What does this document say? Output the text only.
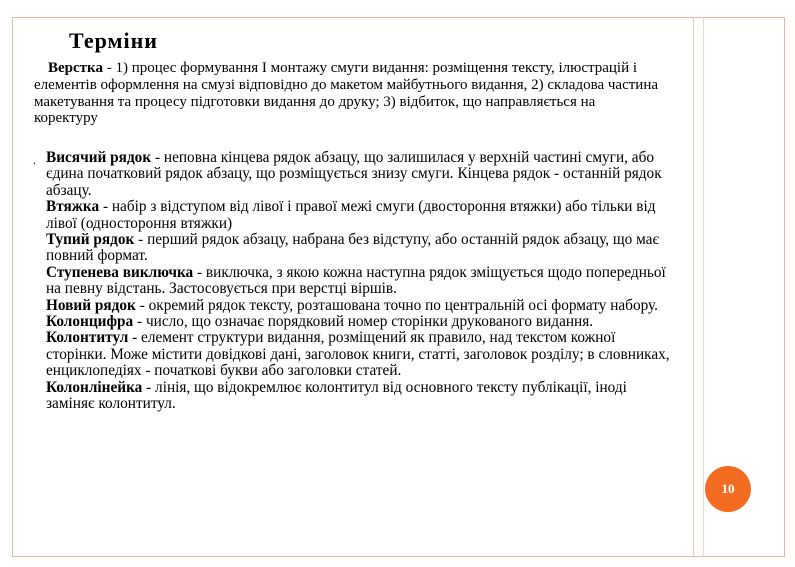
Терміни
Верстка - 1) процес формування І монтажу смуги видання: розміщення тексту, ілюстрацій і елементів оформлення на смузі відповідно до макетом майбутнього видання, 2) складова частина макетування та процесу підготовки видання до друку; 3) відбиток, що направляється на коректуру
. Висячий рядок - неповна кінцева рядок абзацу, що залишилася у верхній частині смуги, або єдина початковий рядок абзацу, що розміщується знизу смуги. Кінцева рядок - останній рядок абзацу.

Втяжка - набір з відступом від лівої і правої межі смуги (двостороння втяжки) або тільки від лівої (одностороння втяжки)

Тупий рядок - перший рядок абзацу, набрана без відступу, або останній рядок абзацу, що має повний формат.

Ступенева виключка - виключка, з якою кожна наступна рядок зміщується щодо попередньої на певну відстань. Застосовується при верстці віршів.

Новий рядок - окремий рядок тексту, розташована точно по центральній осі формату набору.

Колонцифра - число, що означає порядковий номер сторінки друкованого видання.

Колонтитул - елемент структури видання, розміщений як правило, над текстом кожної сторінки. Може містити довідкові дані, заголовок книги, статті, заголовок розділу; в словниках, енциклопедіях - початкові букви або заголовки статей.

Колонлінейка - лінія, що відокремлює колонтитул від основного тексту публікації, іноді заміняє колонтитул.

10
